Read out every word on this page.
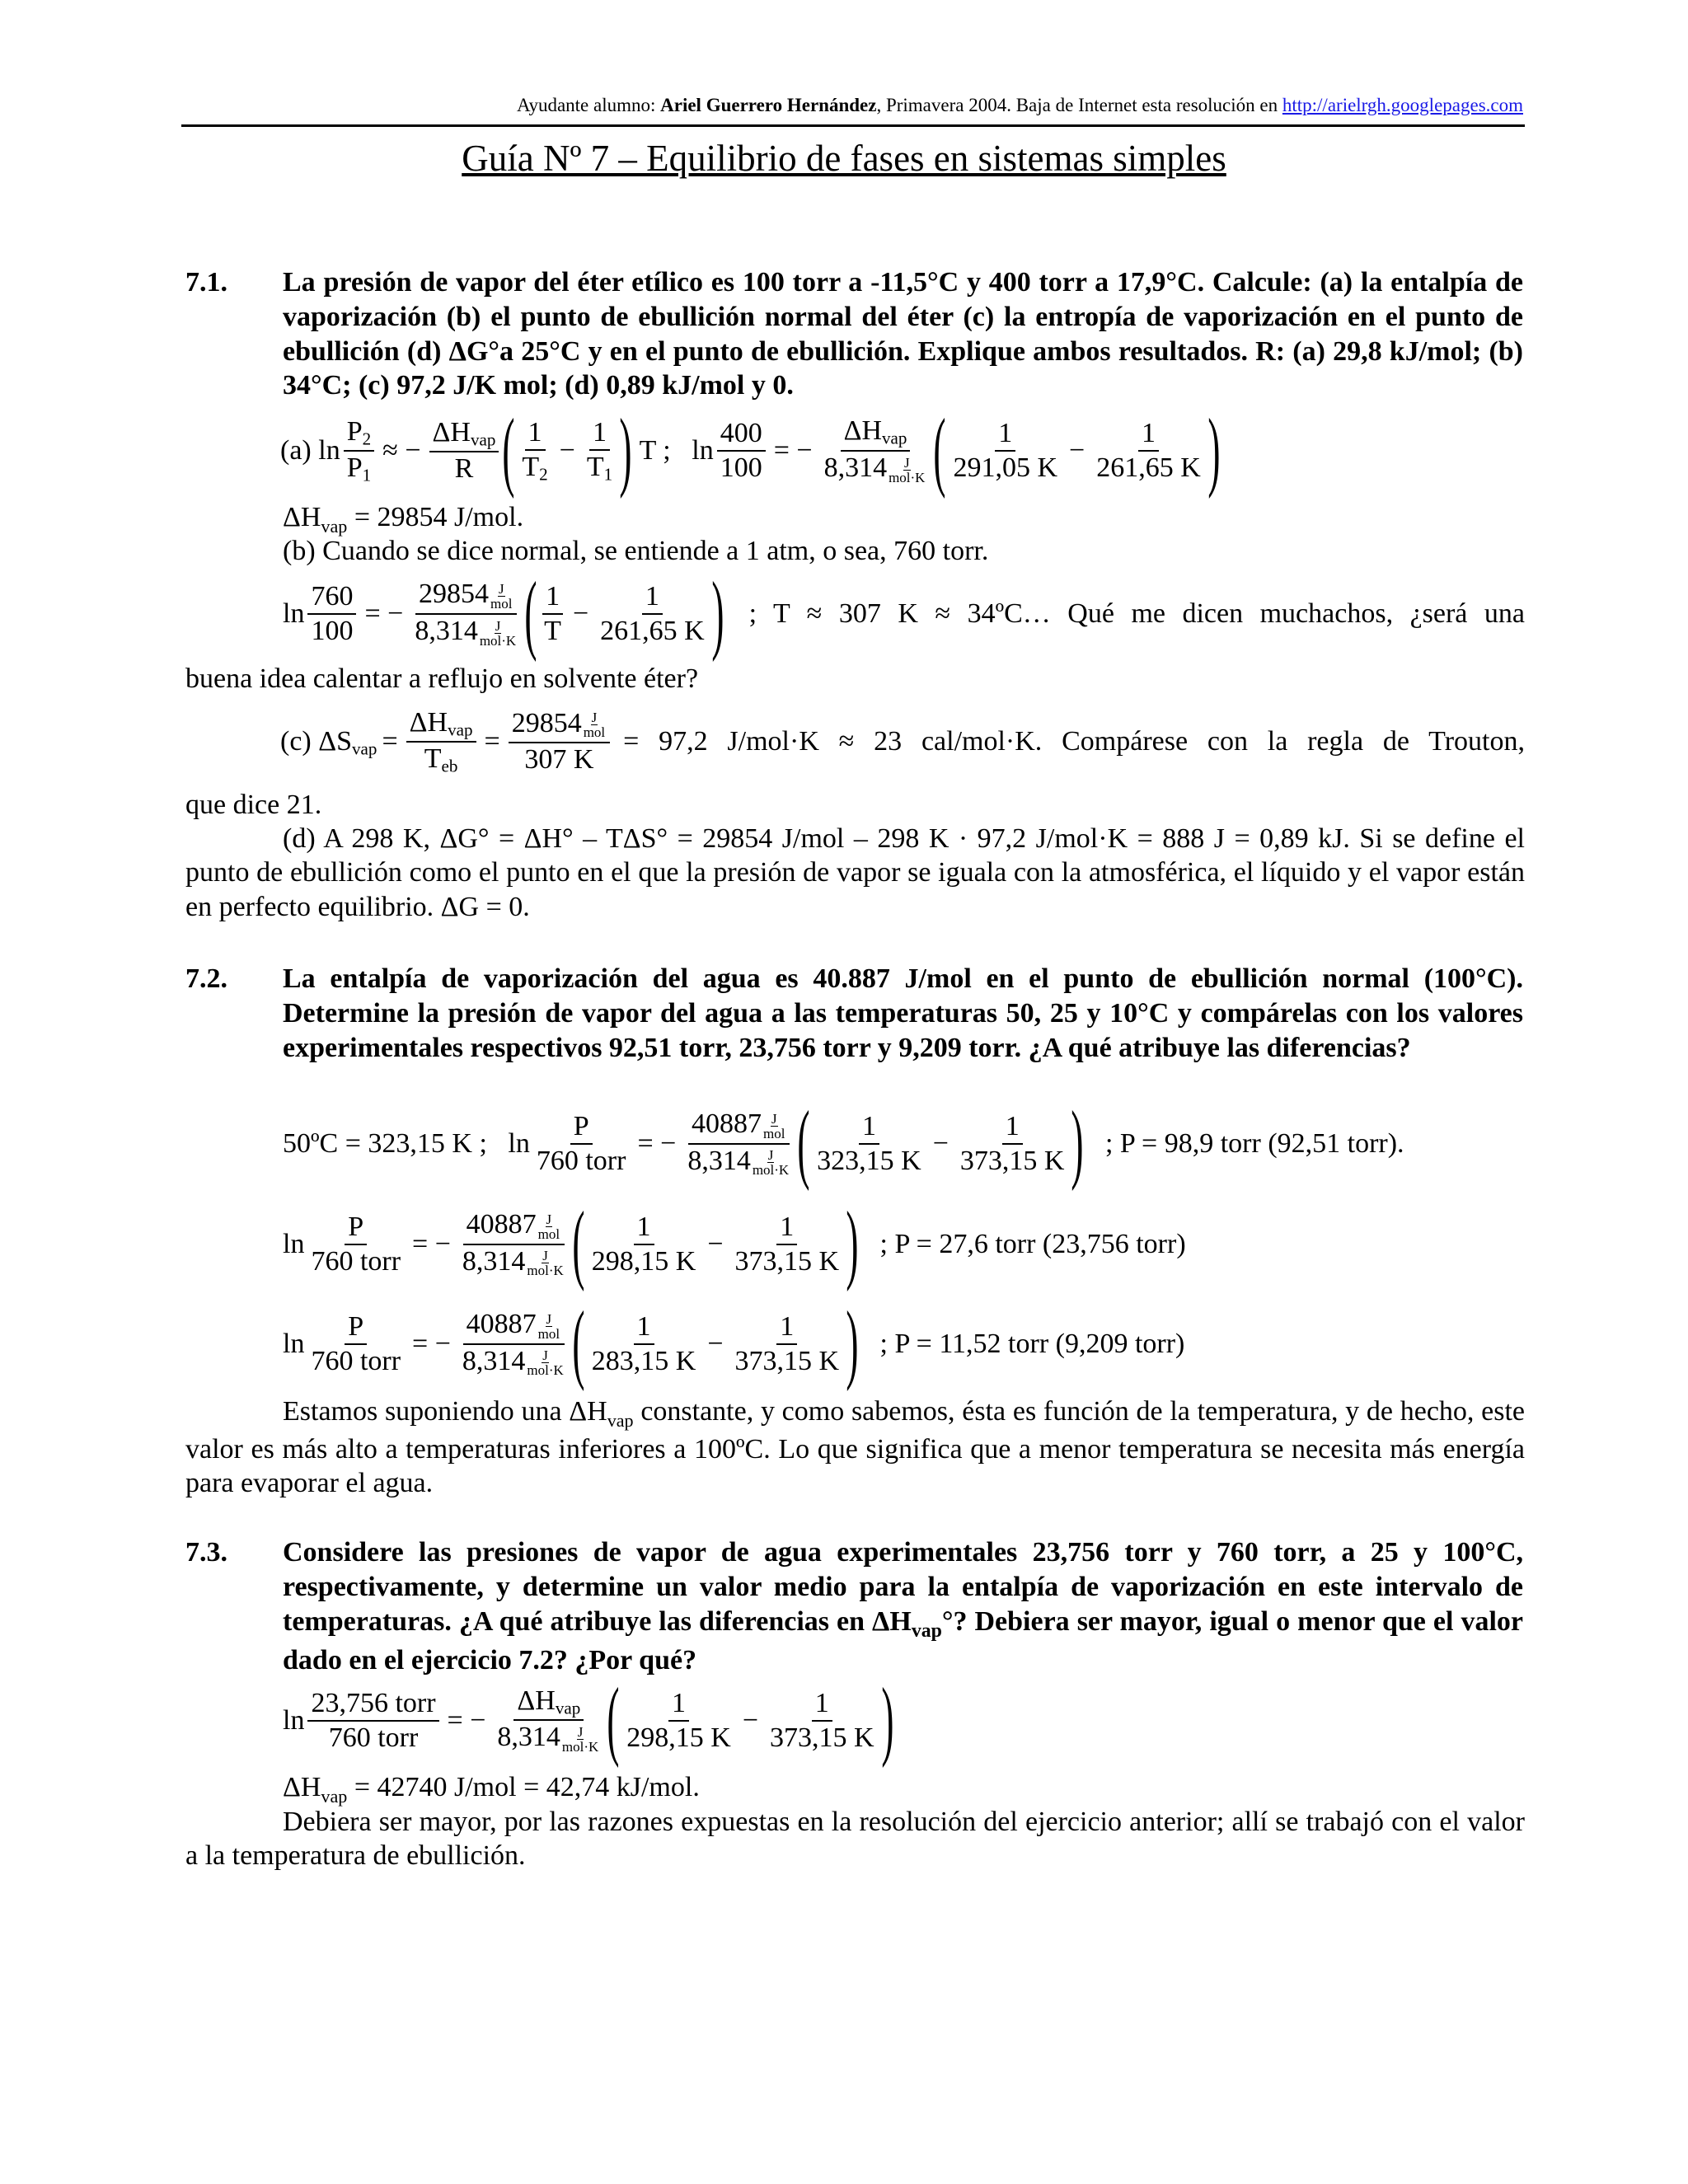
Ayudante alumno: Ariel Guerrero Hernández, Primavera 2004. Baja de Internet esta resolución en http://arielrgh.googlepages.com
Guía Nº 7 – Equilibrio de fases en sistemas simples
7.1. La presión de vapor del éter etílico es 100 torr a -11,5°C y 400 torr a 17,9°C. Calcule: (a) la entalpía de vaporización (b) el punto de ebullición normal del éter (c) la entropía de vaporización en el punto de ebullición (d) ΔG°a 25°C y en el punto de ebullición. Explique ambos resultados. R: (a) 29,8 kJ/mol; (b) 34°C; (c) 97,2 J/K mol; (d) 0,89 kJ/mol y 0.
(a)
$\ln \frac{P_2}{P_1}$ ≈ − $\frac{\Delta H_{vap}}{R}$ ( $\frac{1}{T_2} - \frac{1}{T_1}$ )
T ;
$\ln \frac{400}{100}$ = − $\frac{\Delta H_{vap}}{8,314 \frac{J}{\text{mol·K}}}$ ( $\frac{1}{291,05 K} - \frac{1}{261,65 K}$ )
$\Delta H_{vap} = 29854$ J/mol.
(b) Cuando se dice normal, se entiende a 1 atm, o sea, 760 torr.
$\ln \frac{760}{100}$ = − $\frac{29854 \frac{J}{\text{mol}}}{8,314 \frac{J}{\text{mol·K}}}$ ( $\frac{1}{T} - \frac{1}{261,65 K}$ ) ; T ≈ 307 K ≈ 34ºC… Qué me dicen muchachos, ¿será una
buena idea calentar a reflujo en solvente éter?
(c) $\Delta S_{vap} = \frac{\Delta H_{vap}}{T_{eb}} = \frac{29854 \frac{J}{\text{mol}}}{307 K} = 97,2$ J/mol·K ≈ 23 cal/mol·K. Compárese con la regla de Trouton,
que dice 21.
(d) A 298 K, ΔG° = ΔH° – TΔS° = 29854 J/mol – 298 K · 97,2 J/mol·K = 888 J = 0,89 kJ. Si se define el punto de ebullición como el punto en el que la presión de vapor se iguala con la atmosférica, el líquido y el vapor están en perfecto equilibrio. ΔG = 0.
7.2. La entalpía de vaporización del agua es 40.887 J/mol en el punto de ebullición normal (100°C). Determine la presión de vapor del agua a las temperaturas 50, 25 y 10°C y compárelas con los valores experimentales respectivos 92,51 torr, 23,756 torr y 9,209 torr. ¿A qué atribuye las diferencias?
50ºC = 323,15 K ;
$\ln \frac{P}{\text{760 torr}}$ = − $\frac{40887 \frac{J}{\text{mol}}}{8,314 \frac{J}{\text{mol·K}}}$ ( $\frac{1}{323,15 K} - \frac{1}{373,15 K}$ )
; P = 98,9 torr (92,51 torr).
$\ln \frac{P}{\text{760 torr}}$ = − $\frac{40887 \frac{J}{\text{mol}}}{8,314 \frac{J}{\text{mol·K}}}$ ( $\frac{1}{298,15 K} - \frac{1}{373,15 K}$ )
; P = 27,6 torr (23,756 torr)
$\ln \frac{P}{\text{760 torr}}$ = − $\frac{40887 \frac{J}{\text{mol}}}{8,314 \frac{J}{\text{mol·K}}}$ ( $\frac{1}{283,15 K} - \frac{1}{373,15 K}$ )
; P = 11,52 torr (9,209 torr)
Estamos suponiendo una $\Delta H_{vap}$ constante, y como sabemos, ésta es función de la temperatura, y de hecho, este valor es más alto a temperaturas inferiores a 100ºC. Lo que significa que a menor temperatura se necesita más energía para evaporar el agua.
7.3. Considere las presiones de vapor de agua experimentales 23,756 torr y 760 torr, a 25 y 100°C, respectivamente, y determine un valor medio para la entalpía de vaporización en este intervalo de temperaturas. ¿A qué atribuye las diferencias en $\Delta H_{vap}^\circ$? Debiera ser mayor, igual o menor que el valor dado en el ejercicio 7.2? ¿Por qué?
$\ln \frac{\text{23,756 torr}}{\text{760 torr}}$ = − $\frac{\Delta H_{vap}}{8,314 \frac{J}{\text{mol·K}}}$ ( $\frac{1}{298,15 K} - \frac{1}{373,15 K}$ )
$\Delta H_{vap} = 42740$ J/mol = 42,74 kJ/mol.
Debiera ser mayor, por las razones expuestas en la resolución del ejercicio anterior; allí se trabajó con el valor a la temperatura de ebullición.
